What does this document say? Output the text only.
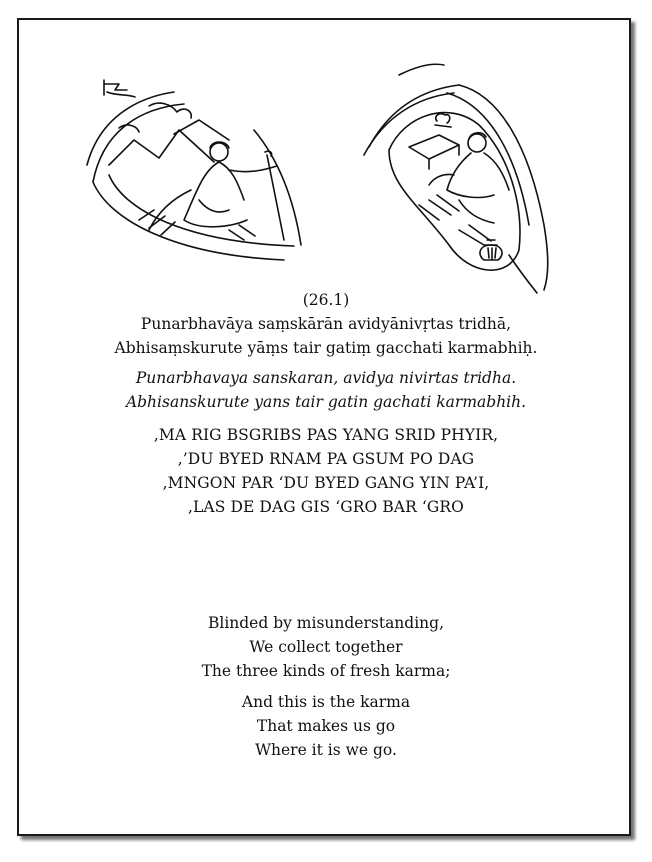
(26.1)
Punarbhavāya saṃskārān avidyānivṛtas tridhā,
Abhisaṃskurute yāṃs tair gatiṃ gacchati karmabhiḥ.
Punarbhavaya sanskaran, avidya nivirtas tridha.
Abhisanskurute yans tair gatin gachati karmabhih.
,MA RIG BSGRIBS PAS YANG SRID PHYIR,
,’DU BYED RNAM PA GSUM PO DAG
,MNGON PAR ‘DU BYED GANG YIN PA’I,
,LAS DE DAG GIS ‘GRO BAR ‘GRO
Blinded by misunderstanding,
We collect together
The three kinds of fresh karma;
And this is the karma
That makes us go
Where it is we go.
